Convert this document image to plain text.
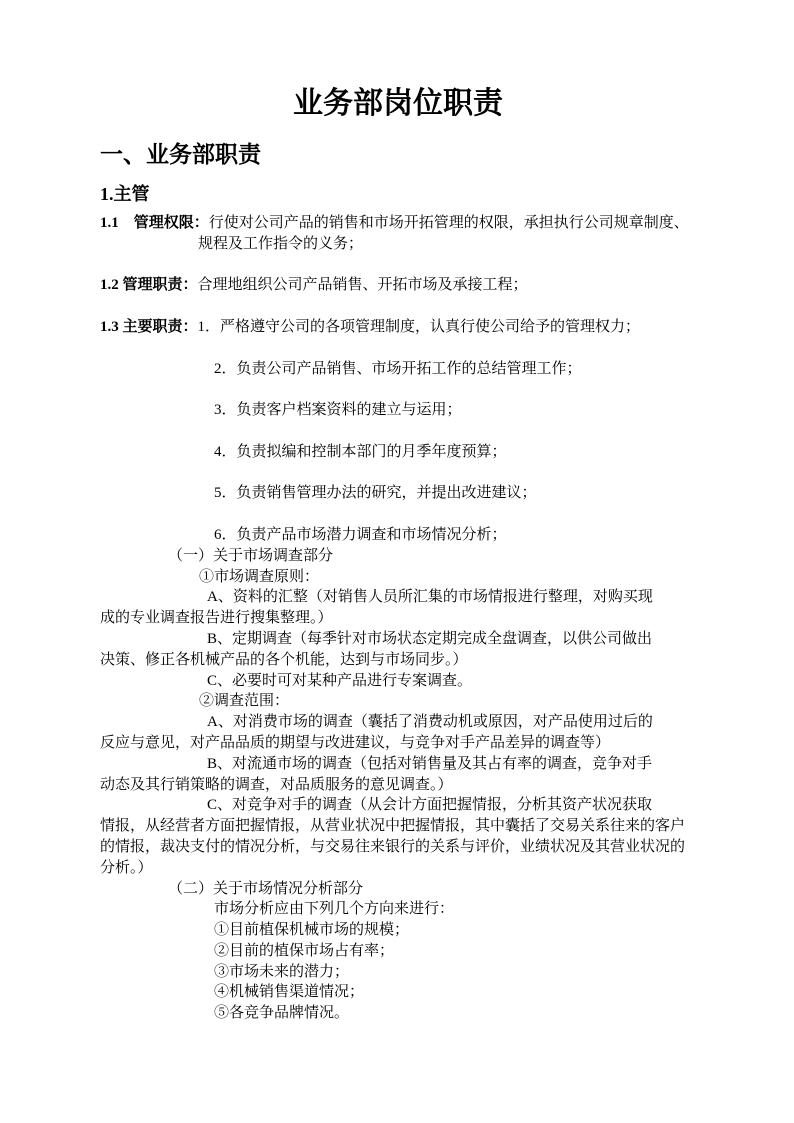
业务部岗位职责
一、业务部职责
1.主管
1.1　管理权限：行使对公司产品的销售和市场开拓管理的权限，承担执行公司规章制度、
规程及工作指令的义务；

1.2 管理职责：合理地组织公司产品销售、开拓市场及承接工程；

1.3 主要职责：1．严格遵守公司的各项管理制度，认真行使公司给予的管理权力；

2．负责公司产品销售、市场开拓工作的总结管理工作；

3．负责客户档案资料的建立与运用；

4．负责拟编和控制本部门的月季年度预算；

5．负责销售管理办法的研究，并提出改进建议；

6．负责产品市场潜力调查和市场情况分析；
（一）关于市场调查部分
①市场调查原则：
A、资料的汇整（对销售人员所汇集的市场情报进行整理，对购买现
成的专业调查报告进行搜集整理。）
B、定期调查（每季针对市场状态定期完成全盘调查，以供公司做出
决策、修正各机械产品的各个机能，达到与市场同步。）
C、必要时可对某种产品进行专案调查。
②调查范围：
A、对消费市场的调查（囊括了消费动机或原因，对产品使用过后的
反应与意见，对产品品质的期望与改进建议，与竞争对手产品差异的调查等）
B、对流通市场的调查（包括对销售量及其占有率的调查，竞争对手
动态及其行销策略的调查，对品质服务的意见调查。）
C、对竞争对手的调查（从会计方面把握情报，分析其资产状况获取
情报，从经营者方面把握情报，从营业状况中把握情报，其中囊括了交易关系往来的客户
的情报，裁决支付的情况分析，与交易往来银行的关系与评价，业绩状况及其营业状况的
分析。）
（二）关于市场情况分析部分
市场分析应由下列几个方向来进行：
①目前植保机械市场的规模；
②目前的植保市场占有率；
③市场未来的潜力；
④机械销售渠道情况；
⑤各竞争品牌情况。
